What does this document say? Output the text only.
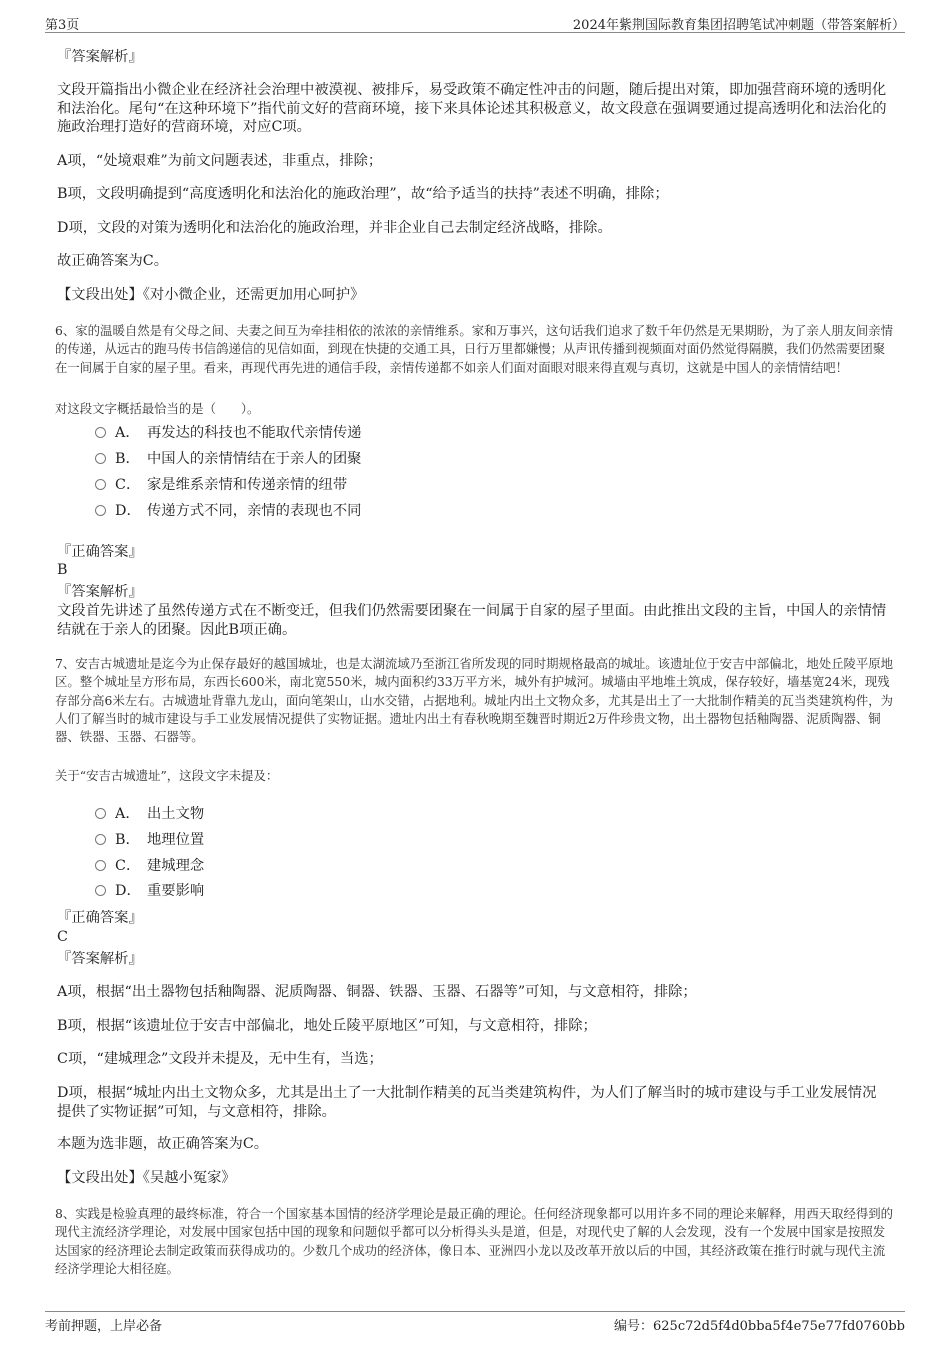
第3页	2024年紫荆国际教育集团招聘笔试冲刺题（带答案解析）

『答案解析』

文段开篇指出小微企业在经济社会治理中被漠视、被排斥，易受政策不确定性冲击的问题，随后提出对策，即加强营商环境的透明化和法治化。尾句“在这种环境下”指代前文好的营商环境，接下来具体论述其积极意义，故文段意在强调要通过提高透明化和法治化的施政治理打造好的营商环境，对应C项。

A项，“处境艰难”为前文问题表述，非重点，排除；

B项，文段明确提到“高度透明化和法治化的施政治理”，故“给予适当的扶持”表述不明确，排除；

D项，文段的对策为透明化和法治化的施政治理，并非企业自己去制定经济战略，排除。

故正确答案为C。

【文段出处】《对小微企业，还需更加用心呵护》

6、家的温暖自然是有父母之间、夫妻之间互为牵挂相依的浓浓的亲情维系。家和万事兴，这句话我们追求了数千年仍然是无果期盼，为了亲人朋友间亲情的传递，从远古的跑马传书信鸽递信的见信如面，到现在快捷的交通工具，日行万里都嫌慢；从声讯传播到视频面对面仍然觉得隔膜，我们仍然需要团聚在一间属于自家的屋子里。看来，再现代再先进的通信手段，亲情传递都不如亲人们面对面眼对眼来得直观与真切，这就是中国人的亲情情结吧！

对这段文字概括最恰当的是（　　）。

A． 再发达的科技也不能取代亲情传递
B． 中国人的亲情情结在于亲人的团聚
C． 家是维系亲情和传递亲情的纽带
D． 传递方式不同，亲情的表现也不同

『正确答案』

B

『答案解析』

文段首先讲述了虽然传递方式在不断变迁，但我们仍然需要团聚在一间属于自家的屋子里面。由此推出文段的主旨，中国人的亲情情结就在于亲人的团聚。因此B项正确。

7、安吉古城遗址是迄今为止保存最好的越国城址，也是太湖流域乃至浙江省所发现的同时期规格最高的城址。该遗址位于安吉中部偏北，地处丘陵平原地区。整个城址呈方形布局，东西长600米，南北宽550米，城内面积约33万平方米，城外有护城河。城墙由平地堆土筑成，保存较好，墙基宽24米，现残存部分高6米左右。古城遗址背靠九龙山，面向笔架山，山水交错，占据地利。城址内出土文物众多，尤其是出土了一大批制作精美的瓦当类建筑构件，为人们了解当时的城市建设与手工业发展情况提供了实物证据。遗址内出土有春秋晚期至魏晋时期近2万件珍贵文物，出土器物包括釉陶器、泥质陶器、铜器、铁器、玉器、石器等。

关于“安吉古城遗址”，这段文字未提及：

A． 出土文物
B． 地理位置
C． 建城理念
D． 重要影响

『正确答案』

C

『答案解析』

A项，根据“出土器物包括釉陶器、泥质陶器、铜器、铁器、玉器、石器等”可知，与文意相符，排除；

B项，根据“该遗址位于安吉中部偏北，地处丘陵平原地区”可知，与文意相符，排除；

C项，“建城理念”文段并未提及，无中生有，当选；

D项，根据“城址内出土文物众多，尤其是出土了一大批制作精美的瓦当类建筑构件，为人们了解当时的城市建设与手工业发展情况提供了实物证据”可知，与文意相符，排除。

本题为选非题，故正确答案为C。

【文段出处】《吴越小冤家》

8、实践是检验真理的最终标准，符合一个国家基本国情的经济学理论是最正确的理论。任何经济现象都可以用许多不同的理论来解释，用西天取经得到的现代主流经济学理论，对发展中国家包括中国的现象和问题似乎都可以分析得头头是道，但是，对现代史了解的人会发现，没有一个发展中国家是按照发达国家的经济理论去制定政策而获得成功的。少数几个成功的经济体，像日本、亚洲四小龙以及改革开放以后的中国，其经济政策在推行时就与现代主流经济学理论大相径庭。

考前押题，上岸必备	编号：625c72d5f4d0bba5f4e75e77fd0760bb
